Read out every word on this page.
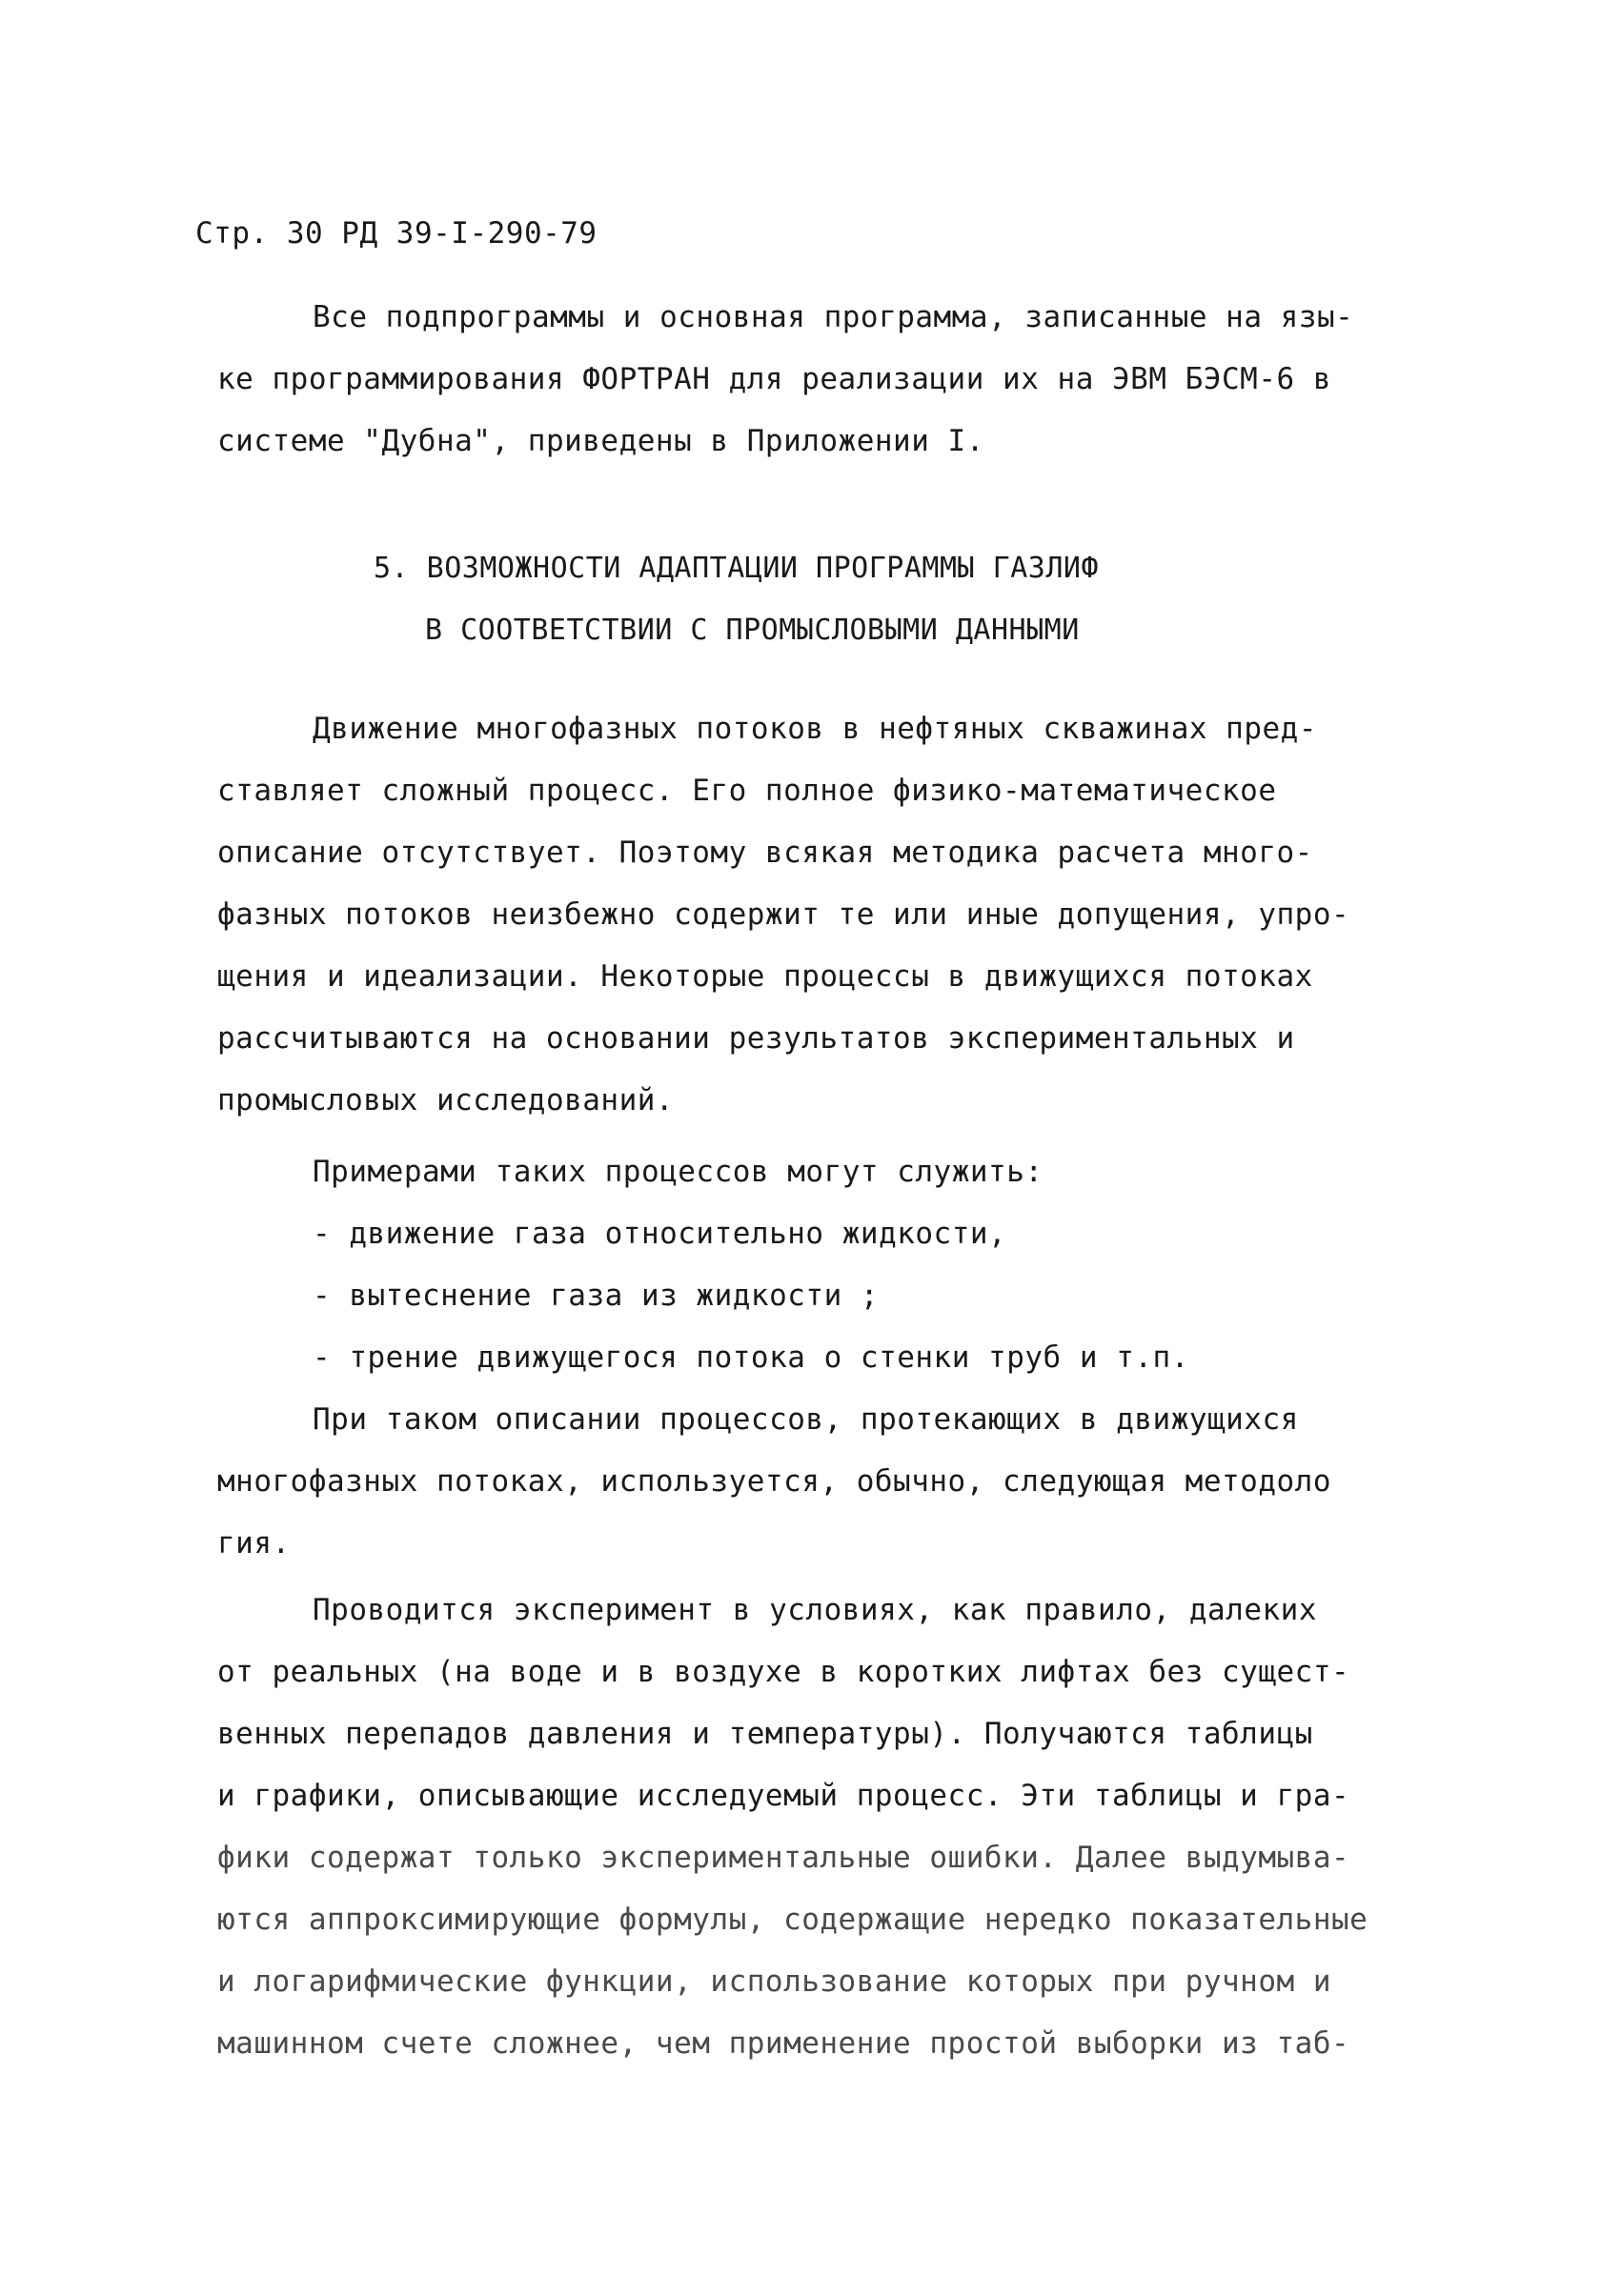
Стр. 30 РД 39-I-290-79
Все подпрограммы и основная программа, записанные на язы-
ке программирования ФОРТРАН для реализации их на ЭВМ БЭСМ-6 в
системе "Дубна", приведены в Приложении I.
5. ВОЗМОЖНОСТИ АДАПТАЦИИ ПРОГРАММЫ ГАЗЛИФ
В СООТВЕТСТВИИ С ПРОМЫСЛОВЫМИ ДАННЫМИ
Движение многофазных потоков в нефтяных скважинах пред-
ставляет сложный процесс. Его полное физико-математическое
описание отсутствует. Поэтому всякая методика расчета много-
фазных потоков неизбежно содержит те или иные допущения, упро-
щения и идеализации. Некоторые процессы в движущихся потоках
рассчитываются на основании результатов экспериментальных и
промысловых исследований.
Примерами таких процессов могут служить:
- движение газа относительно жидкости,
- вытеснение газа из жидкости ;
- трение движущегося потока о стенки труб и т.п.
При таком описании процессов, протекающих в движущихся
многофазных потоках, используется, обычно, следующая методоло
гия.
Проводится эксперимент в условиях, как правило, далеких
от реальных (на воде и в воздухе в коротких лифтах без сущест-
венных перепадов давления и температуры). Получаются таблицы
и графики, описывающие исследуемый процесс. Эти таблицы и гра-
фики содержат только экспериментальные ошибки. Далее выдумыва-
ются аппроксимирующие формулы, содержащие нередко показательные
и логарифмические функции, использование которых при ручном и
машинном счете сложнее, чем применение простой выборки из таб-
